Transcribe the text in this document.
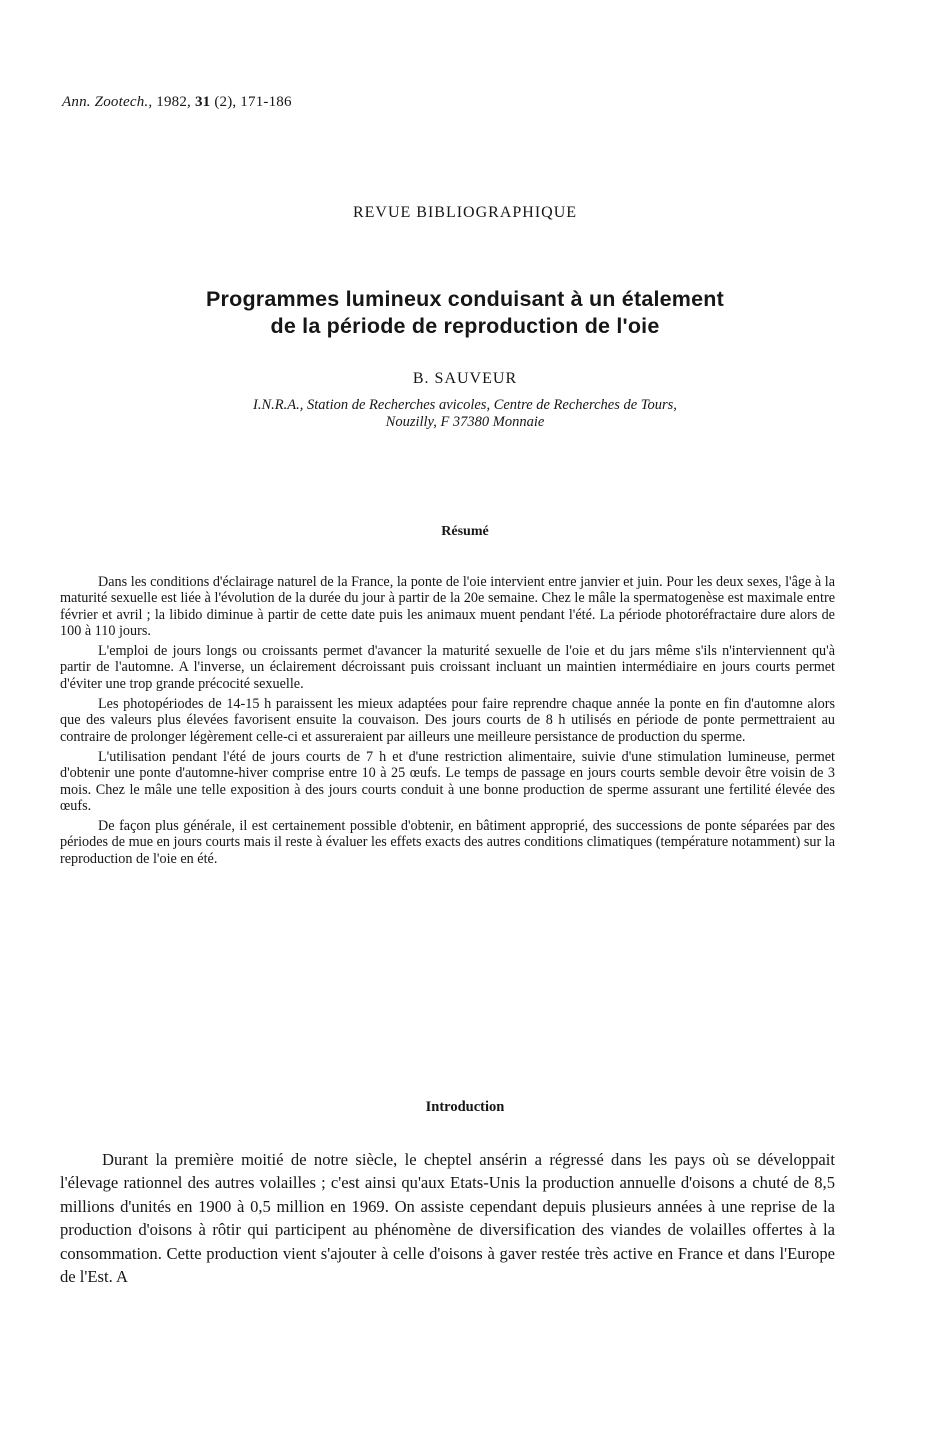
Ann. Zootech., 1982, 31 (2), 171-186
REVUE BIBLIOGRAPHIQUE
Programmes lumineux conduisant à un étalement
de la période de reproduction de l'oie
B. SAUVEUR
I.N.R.A., Station de Recherches avicoles, Centre de Recherches de Tours,
Nouzilly, F 37380 Monnaie
Résumé

Dans les conditions d'éclairage naturel de la France, la ponte de l'oie intervient entre janvier et juin. Pour les deux sexes, l'âge à la maturité sexuelle est liée à l'évolution de la durée du jour à partir de la 20e semaine. Chez le mâle la spermatogenèse est maximale entre février et avril ; la libido diminue à partir de cette date puis les animaux muent pendant l'été. La période photoréfractaire dure alors de 100 à 110 jours.

L'emploi de jours longs ou croissants permet d'avancer la maturité sexuelle de l'oie et du jars même s'ils n'interviennent qu'à partir de l'automne. A l'inverse, un éclairement décroissant puis croissant incluant un maintien intermédiaire en jours courts permet d'éviter une trop grande précocité sexuelle.

Les photopériodes de 14-15 h paraissent les mieux adaptées pour faire reprendre chaque année la ponte en fin d'automne alors que des valeurs plus élevées favorisent ensuite la couvaison. Des jours courts de 8 h utilisés en période de ponte permettraient au contraire de prolonger légèrement celle-ci et assureraient par ailleurs une meilleure persistance de production du sperme.

L'utilisation pendant l'été de jours courts de 7 h et d'une restriction alimentaire, suivie d'une stimulation lumineuse, permet d'obtenir une ponte d'automne-hiver comprise entre 10 à 25 œufs. Le temps de passage en jours courts semble devoir être voisin de 3 mois. Chez le mâle une telle exposition à des jours courts conduit à une bonne production de sperme assurant une fertilité élevée des œufs.

De façon plus générale, il est certainement possible d'obtenir, en bâtiment approprié, des successions de ponte séparées par des périodes de mue en jours courts mais il reste à évaluer les effets exacts des autres conditions climatiques (température notamment) sur la reproduction de l'oie en été.

Introduction

Durant la première moitié de notre siècle, le cheptel ansérin a régressé dans les pays où se développait l'élevage rationnel des autres volailles ; c'est ainsi qu'aux Etats-Unis la production annuelle d'oisons a chuté de 8,5 millions d'unités en 1900 à 0,5 million en 1969. On assiste cependant depuis plusieurs années à une reprise de la production d'oisons à rôtir qui participent au phénomène de diversification des viandes de volailles offertes à la consommation. Cette production vient s'ajouter à celle d'oisons à gaver restée très active en France et dans l'Europe de l'Est. A
